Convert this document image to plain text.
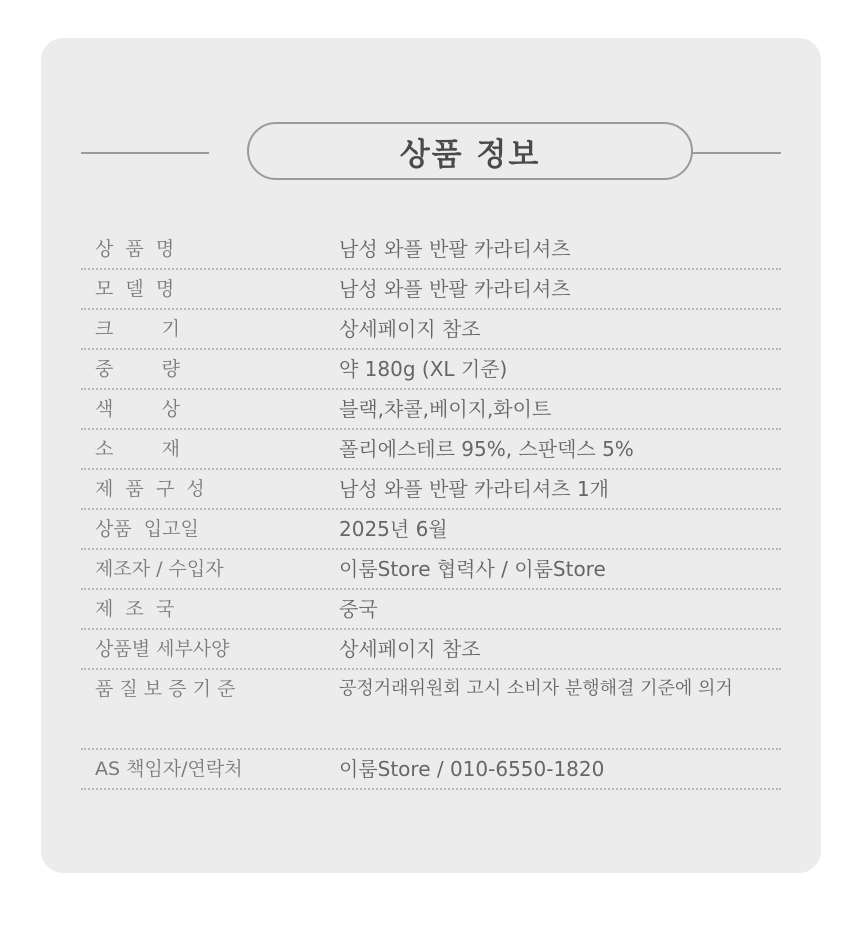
상품 정보
상  품  명	남성 와플 반팔 카라티셔츠
모  델  명	남성 와플 반팔 카라티셔츠
크        기	상세페이지 참조
중        량	약 180g (XL 기준)
색        상	블랙,챠콜,베이지,화이트
소        재	폴리에스테르 95%, 스판덱스 5%
제  품  구  성	남성 와플 반팔 카라티셔츠 1개
상품  입고일	2025년 6월
제조자 / 수입자	이룸Store 협력사 / 이룸Store
제  조  국	중국
상품별 세부사양	상세페이지 참조
품 질 보 증 기 준	공정거래위원회 고시 소비자 분행해결 기준에 의거
AS 책임자/연락처	이룸Store / 010-6550-1820
